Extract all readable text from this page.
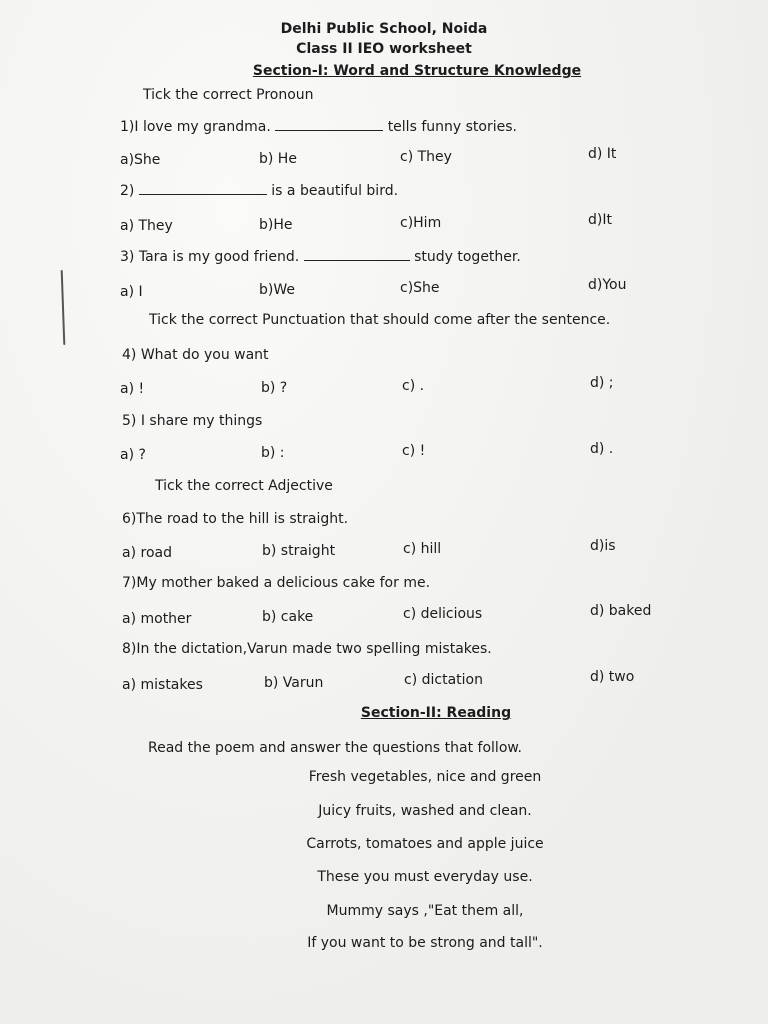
Delhi Public School, Noida
Class II IEO worksheet
Section-I: Word and Structure Knowledge
Tick the correct Pronoun
1)I love my grandma.	tells funny stories.
a)She	b) He	c) They	d) It
2)	is a beautiful bird.
a) They	b)He	c)Him	d)It
3) Tara is my good friend.	study together.
a) I	b)We	c)She	d)You
Tick the correct Punctuation that should come after the sentence.
4) What do you want
a) !	b) ?	c) .	d) ;
5) I share my things
a) ?	b) :	c) !	d) .
Tick the correct Adjective
6)The road to the hill is straight.
a) road	b) straight	c) hill	d)is
7)My mother baked a delicious cake for me.
a) mother	b) cake	c) delicious	d) baked
8)In the dictation,Varun made two spelling mistakes.
a) mistakes	b) Varun	c) dictation	d) two
Section-II: Reading
Read the poem and answer the questions that follow.
Fresh vegetables, nice and green
Juicy fruits, washed and clean.
Carrots, tomatoes and apple juice
These you must everyday use.
Mummy says ,"Eat them all,
If you want to be strong and tall".
